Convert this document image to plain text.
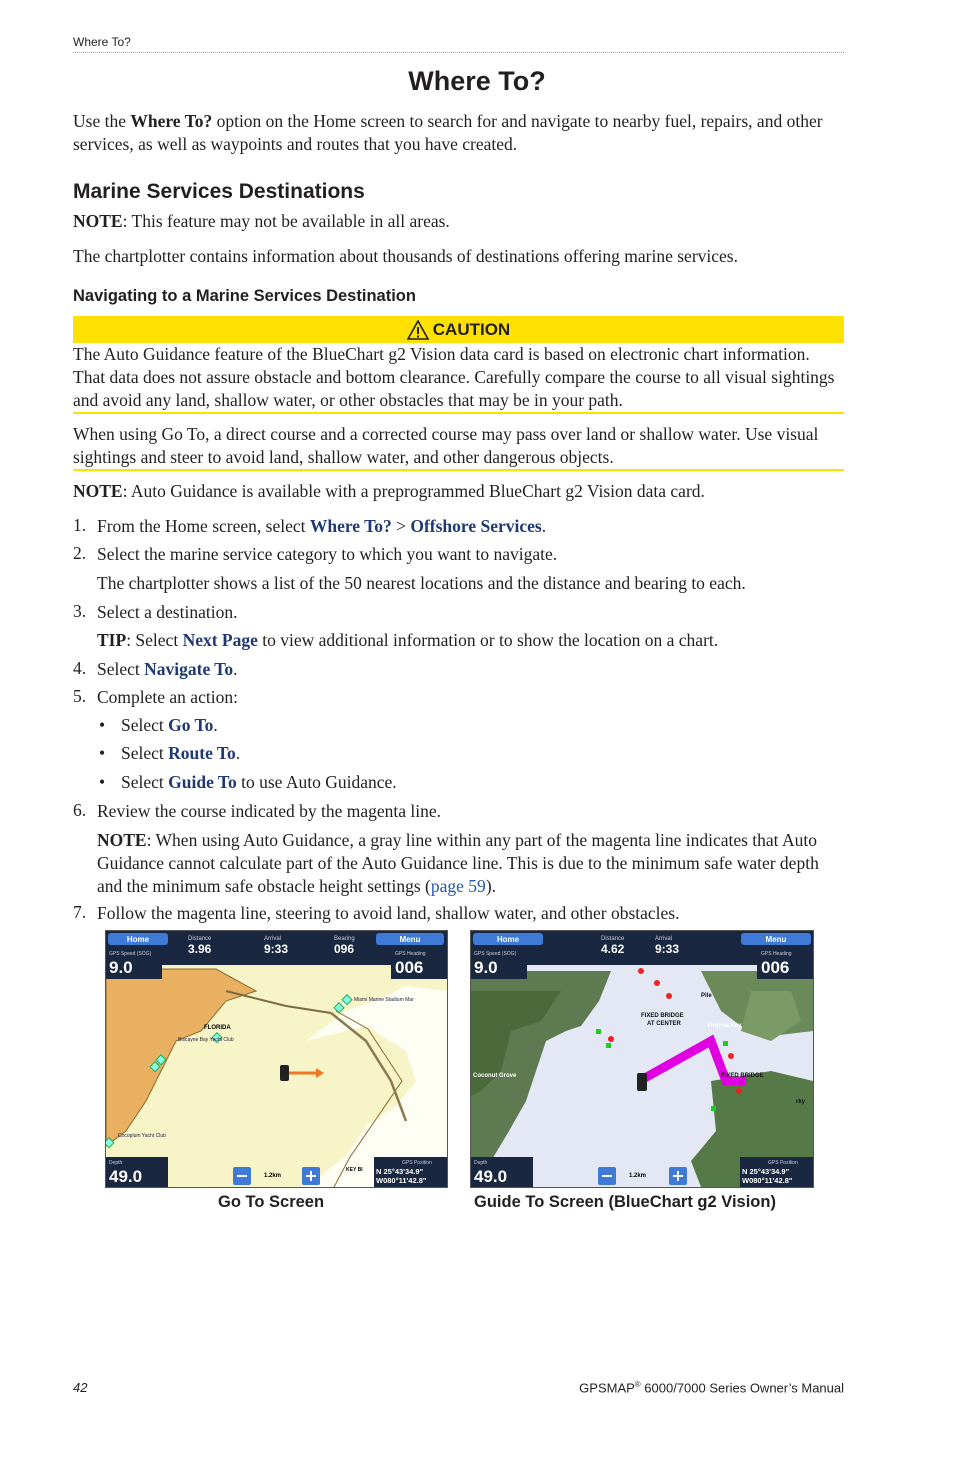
Where To?
Where To?
Use the Where To? option on the Home screen to search for and navigate to nearby fuel, repairs, and other services, as well as waypoints and routes that you have created.
Marine Services Destinations
NOTE: This feature may not be available in all areas.
The chartplotter contains information about thousands of destinations offering marine services.
Navigating to a Marine Services Destination
CAUTION
The Auto Guidance feature of the BlueChart g2 Vision data card is based on electronic chart information. That data does not assure obstacle and bottom clearance. Carefully compare the course to all visual sightings and avoid any land, shallow water, or other obstacles that may be in your path.
When using Go To, a direct course and a corrected course may pass over land or shallow water. Use visual sightings and steer to avoid land, shallow water, and other dangerous objects.
NOTE: Auto Guidance is available with a preprogrammed BlueChart g2 Vision data card.
1. From the Home screen, select Where To? > Offshore Services.
2. Select the marine service category to which you want to navigate.
The chartplotter shows a list of the 50 nearest locations and the distance and bearing to each.
3. Select a destination.
TIP: Select Next Page to view additional information or to show the location on a chart.
4. Select Navigate To.
5. Complete an action:
• Select Go To.
• Select Route To.
• Select Guide To to use Auto Guidance.
6. Review the course indicated by the magenta line.
NOTE: When using Auto Guidance, a gray line within any part of the magenta line indicates that Auto Guidance cannot calculate part of the Auto Guidance line. This is due to the minimum safe water depth and the minimum safe obstacle height settings (page 59).
7. Follow the magenta line, steering to avoid land, shallow water, and other obstacles.
FLORIDA
Biscayne Bay Yacht Club
Cocoplum Yacht Club
Miami Marine Stadium Mar
KEY BI
Home	Menu
Distance
3.96
Arrival
9:33
Bearing
096
GPS Speed (SOG)
9.0
GPS Heading
006
Depth
49.0	1.2km
GPS Position
N 25°43'34.9"
W080°11'42.8"
FIXED BRIDGE
AT CENTER	Virginia Key
FIXED BRIDGE
Coconut Grove
Pile
rky
Home	Menu
Distance
4.62
Arrival
9:33
GPS Speed (SOG)
9.0
GPS Heading
006
Depth
49.0	1.2km
GPS Position
N 25°43'34.9"
W080°11'42.8"
Go To Screen	Guide To Screen (BlueChart g2 Vision)
42	GPSMAP® 6000/7000 Series Owner’s Manual
